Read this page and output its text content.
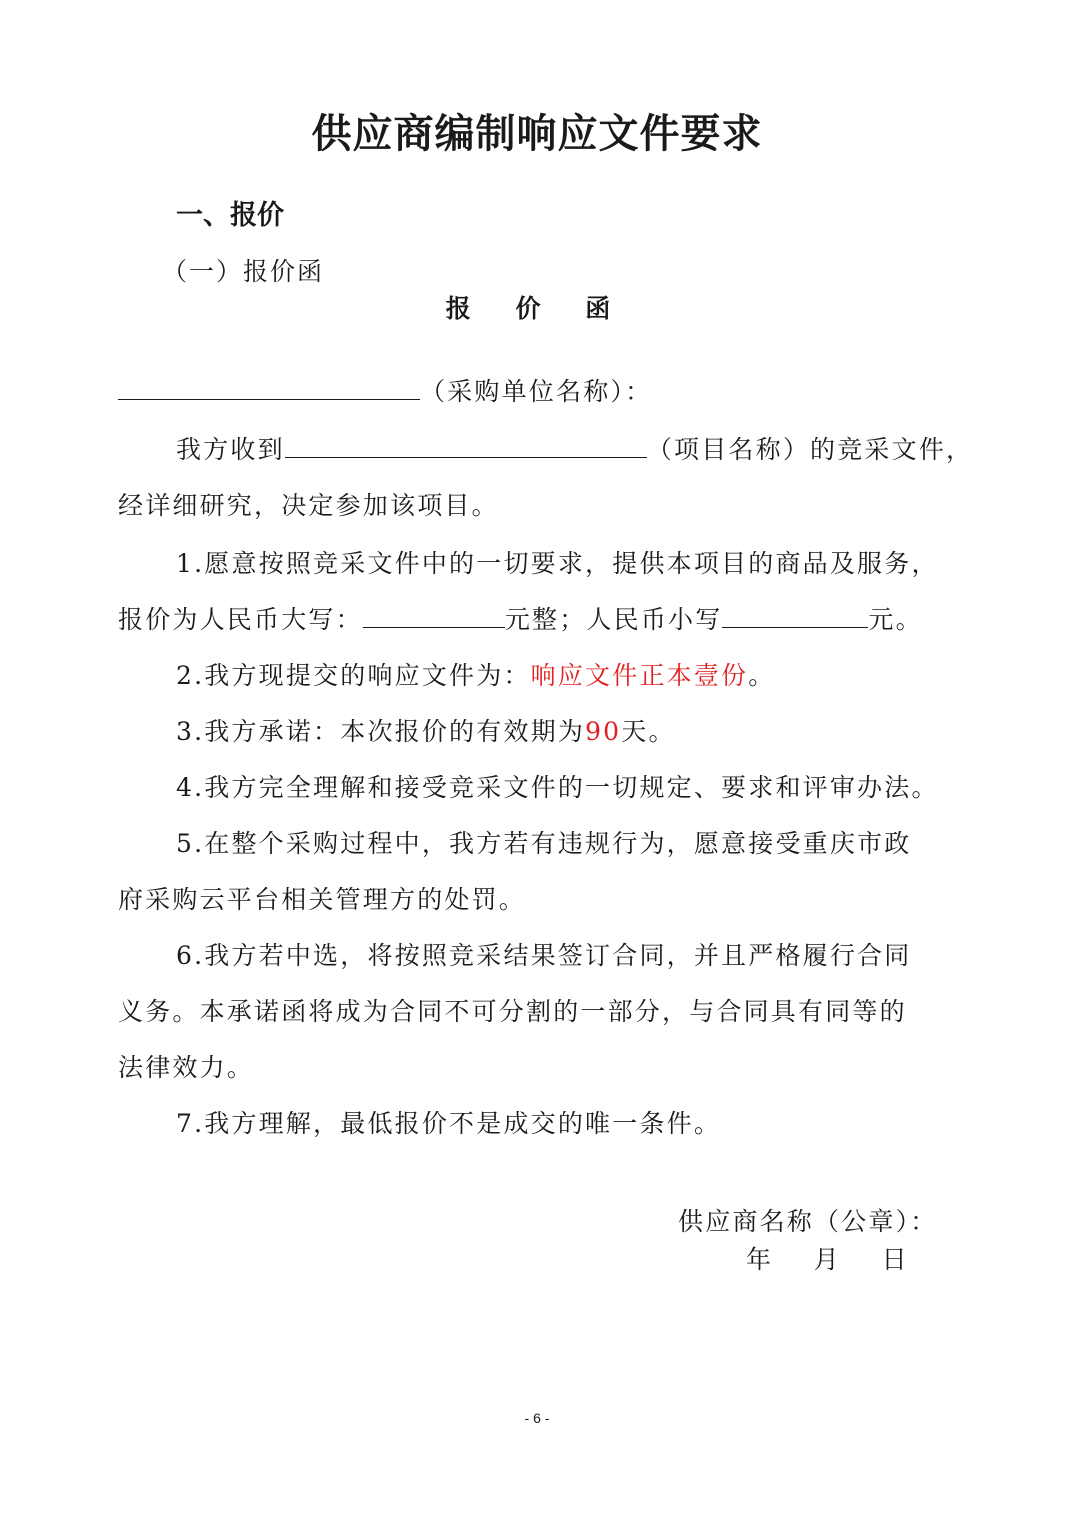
供应商编制响应文件要求
一、报价
（一）报价函
报 价 函
（采购单位名称）：
我方收到	（项目名称）的竞采文件，
经详细研究，决定参加该项目。
1.愿意按照竞采文件中的一切要求，提供本项目的商品及服务，
报价为人民币大写：	元整；人民币小写	元。
2.我方现提交的响应文件为：响应文件正本壹份。
3.我方承诺：本次报价的有效期为90天。
4.我方完全理解和接受竞采文件的一切规定、要求和评审办法。
5.在整个采购过程中，我方若有违规行为，愿意接受重庆市政
府采购云平台相关管理方的处罚。
6.我方若中选，将按照竞采结果签订合同，并且严格履行合同
义务。本承诺函将成为合同不可分割的一部分，与合同具有同等的
法律效力。
7.我方理解，最低报价不是成交的唯一条件。
供应商名称（公章）：
年    月    日
- 6 -
